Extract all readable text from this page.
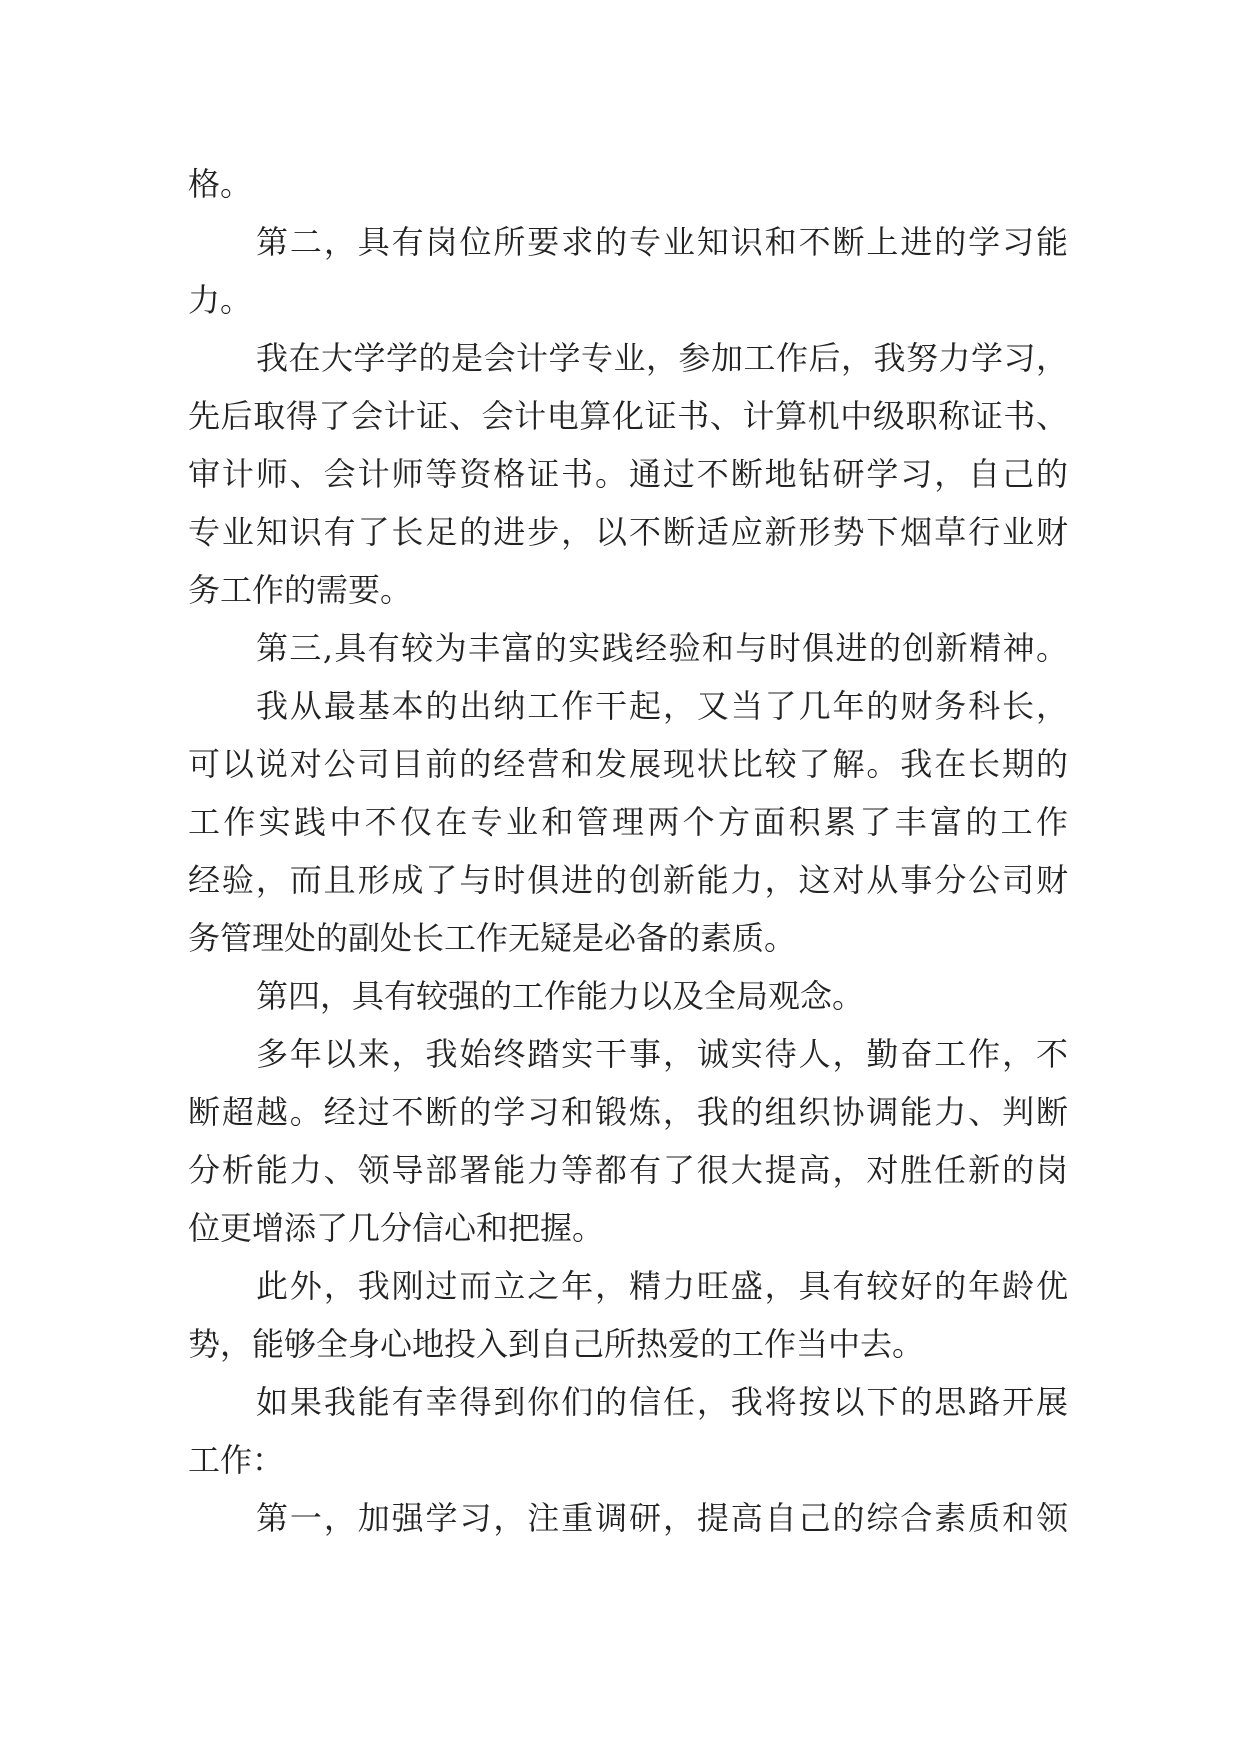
格。
第二，具有岗位所要求的专业知识和不断上进的学习能
力。
我在大学学的是会计学专业，参加工作后，我努力学习，
先后取得了会计证、会计电算化证书、计算机中级职称证书、
审计师、会计师等资格证书。通过不断地钻研学习，自己的
专业知识有了长足的进步，以不断适应新形势下烟草行业财
务工作的需要。
第三,具有较为丰富的实践经验和与时俱进的创新精神。
我从最基本的出纳工作干起，又当了几年的财务科长，
可以说对公司目前的经营和发展现状比较了解。我在长期的
工作实践中不仅在专业和管理两个方面积累了丰富的工作
经验，而且形成了与时俱进的创新能力，这对从事分公司财
务管理处的副处长工作无疑是必备的素质。
第四，具有较强的工作能力以及全局观念。
多年以来，我始终踏实干事，诚实待人，勤奋工作，不
断超越。经过不断的学习和锻炼，我的组织协调能力、判断
分析能力、领导部署能力等都有了很大提高，对胜任新的岗
位更增添了几分信心和把握。
此外，我刚过而立之年，精力旺盛，具有较好的年龄优
势，能够全身心地投入到自己所热爱的工作当中去。
如果我能有幸得到你们的信任，我将按以下的思路开展
工作：
第一，加强学习，注重调研，提高自己的综合素质和领
